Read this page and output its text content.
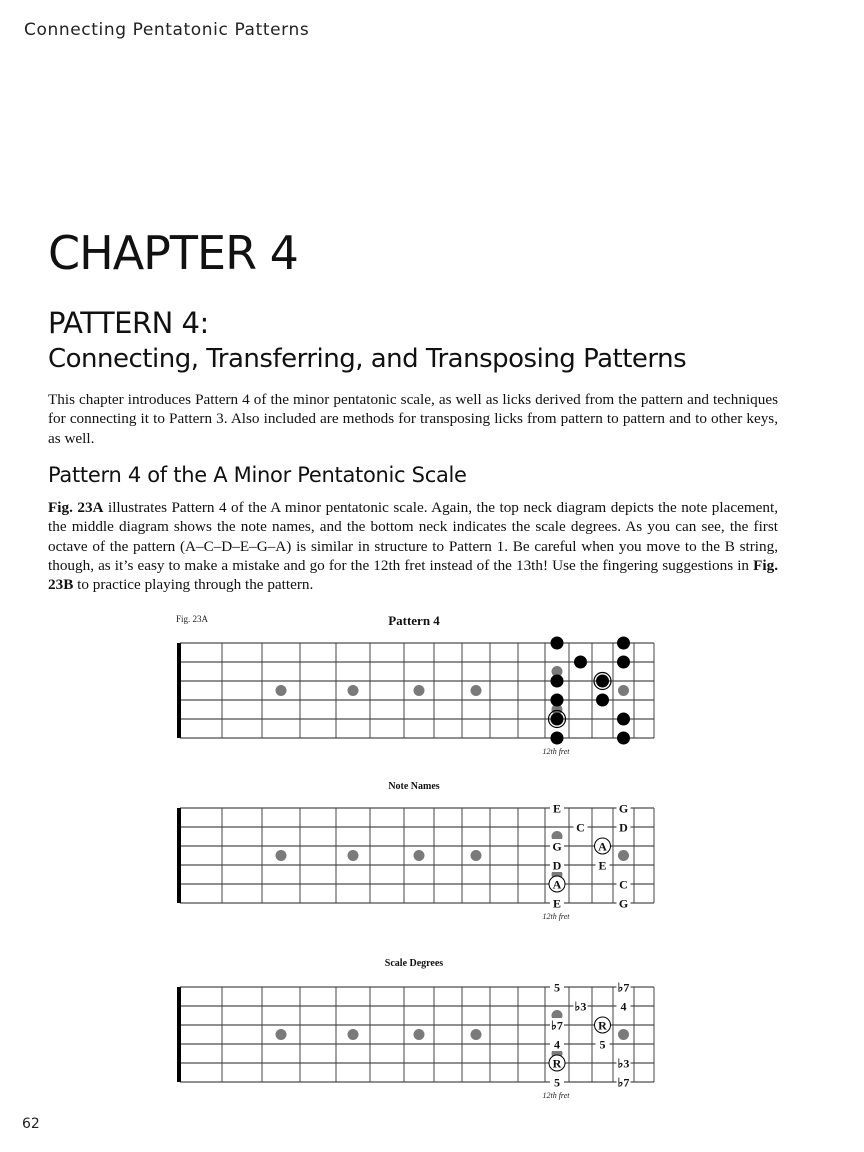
Connecting Pentatonic Patterns
CHAPTER 4
PATTERN 4:
Connecting, Transferring, and Transposing Patterns

This chapter introduces Pattern 4 of the minor pentatonic scale, as well as licks derived from the pattern and techniques for connecting it to Pattern 3. Also included are methods for transposing licks from pattern to pattern and to other keys, as well.

Pattern 4 of the A Minor Pentatonic Scale

Fig. 23A illustrates Pattern 4 of the A minor pentatonic scale. Again, the top neck diagram depicts the note placement, the middle diagram shows the note names, and the bottom neck indicates the scale degrees. As you can see, the first octave of the pattern (A–C–D–E–G–A) is similar in structure to Pattern 1. Be careful when you move to the B string, though, as it’s easy to make a mistake and go for the 12th fret instead of the 13th! Use the fingering suggestions in Fig. 23B to practice playing through the pattern.

Fig. 23A	Pattern 4
12th fret
Note Names
E	G
C	D
G	A
D	E
A	C
E	G
12th fret
Scale Degrees
5	♭7
♭3	4
♭7	R
4	5
R	♭3
5	♭7
12th fret
62
